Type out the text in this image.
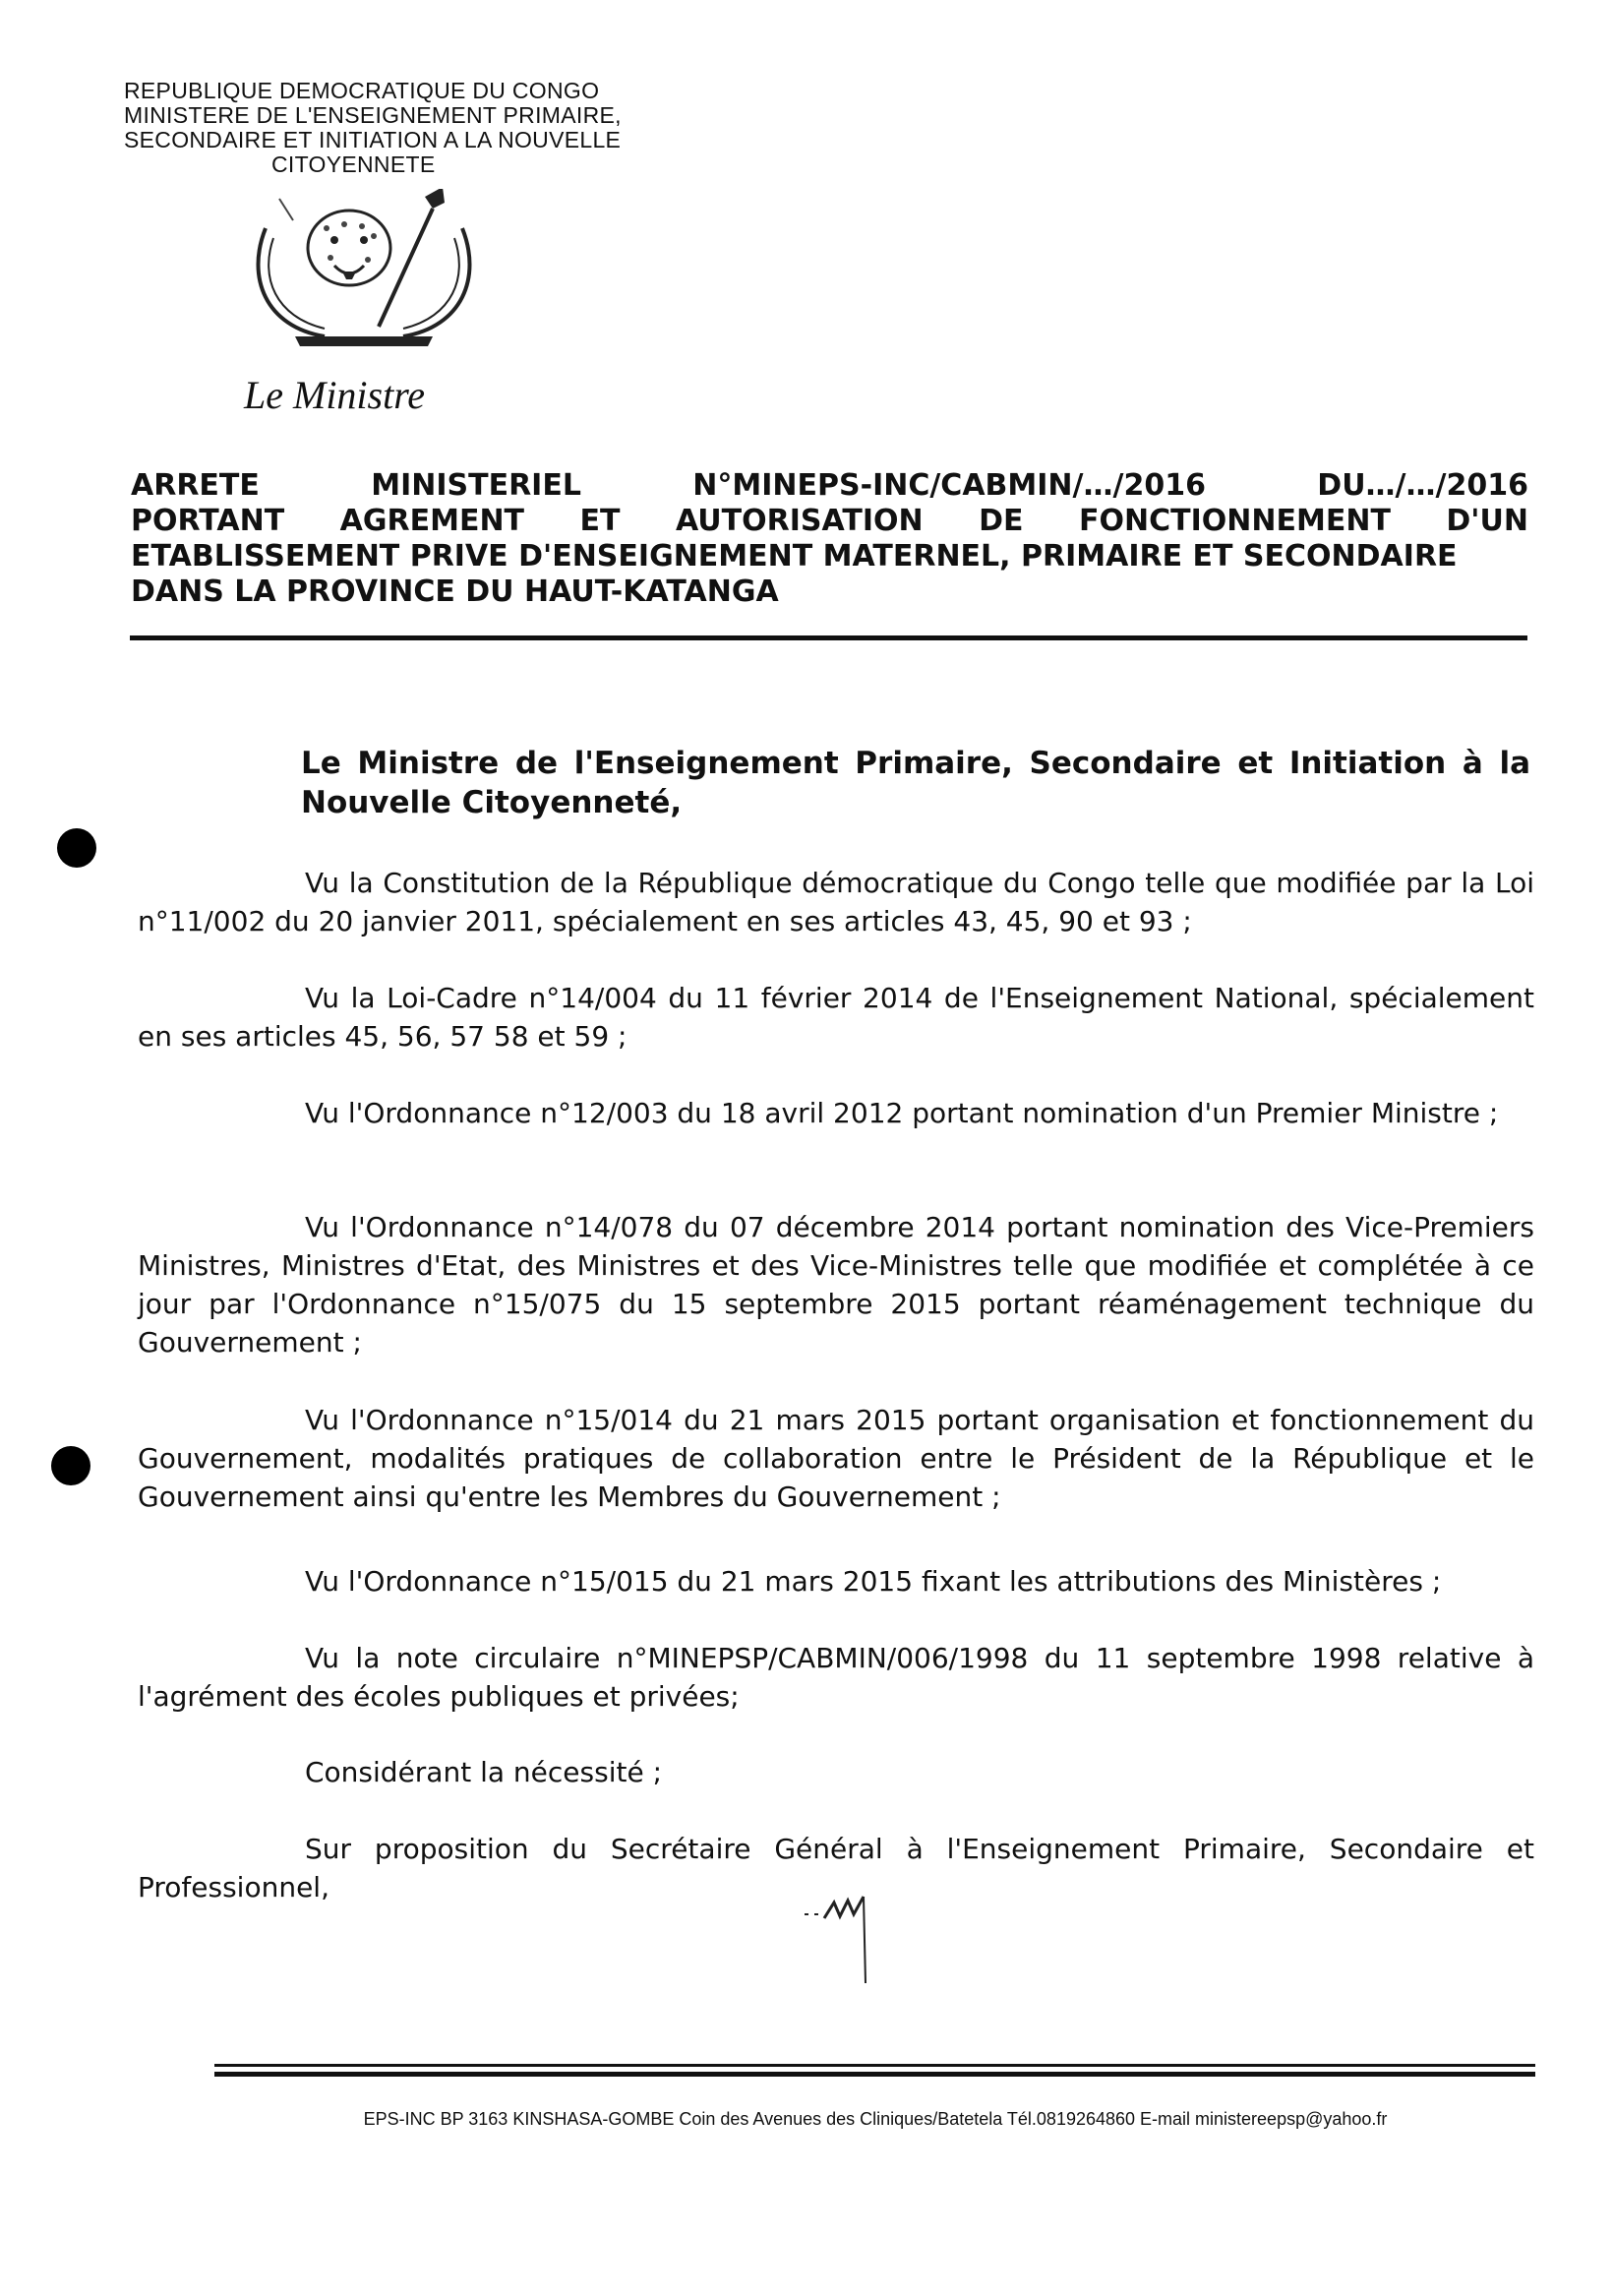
REPUBLIQUE DEMOCRATIQUE DU CONGO
MINISTERE DE L'ENSEIGNEMENT PRIMAIRE,
SECONDAIRE ET INITIATION A LA NOUVELLE
CITOYENNETE
Le Ministre
ARRETE	MINISTERIEL	N°MINEPS-INC/CABMIN/…/2016	DU…/…/2016
PORTANT AGREMENT ET AUTORISATION DE FONCTIONNEMENT D'UN
ETABLISSEMENT PRIVE D'ENSEIGNEMENT MATERNEL, PRIMAIRE ET SECONDAIRE
DANS LA PROVINCE DU HAUT-KATANGA
Le Ministre de l'Enseignement Primaire, Secondaire et Initiation à la Nouvelle Citoyenneté,

Vu la Constitution de la République démocratique du Congo telle que modifiée par la Loi n°11/002 du 20 janvier 2011, spécialement en ses articles 43, 45, 90 et 93 ;

Vu la Loi-Cadre n°14/004 du 11 février 2014 de l'Enseignement National, spécialement en ses articles 45, 56, 57 58 et 59 ;

Vu l'Ordonnance n°12/003 du 18 avril 2012 portant nomination d'un Premier Ministre ;

Vu l'Ordonnance n°14/078 du 07 décembre 2014 portant nomination des Vice-Premiers Ministres, Ministres d'Etat, des Ministres et des Vice-Ministres telle que modifiée et complétée à ce jour par l'Ordonnance n°15/075 du 15 septembre 2015 portant réaménagement technique du Gouvernement ;

Vu l'Ordonnance n°15/014 du 21 mars 2015 portant organisation et fonctionnement du Gouvernement, modalités pratiques de collaboration entre le Président de la République et le Gouvernement ainsi qu'entre les Membres du Gouvernement ;

Vu l'Ordonnance n°15/015 du 21 mars 2015 fixant les attributions des Ministères ;

Vu la note circulaire n°MINEPSP/CABMIN/006/1998 du 11 septembre 1998 relative à l'agrément des écoles publiques et privées;

Considérant la nécessité ;

Sur proposition du Secrétaire Général à l'Enseignement Primaire, Secondaire et Professionnel,

EPS-INC BP 3163 KINSHASA-GOMBE Coin des Avenues des Cliniques/Batetela Tél.0819264860 E-mail ministereepsp@yahoo.fr
